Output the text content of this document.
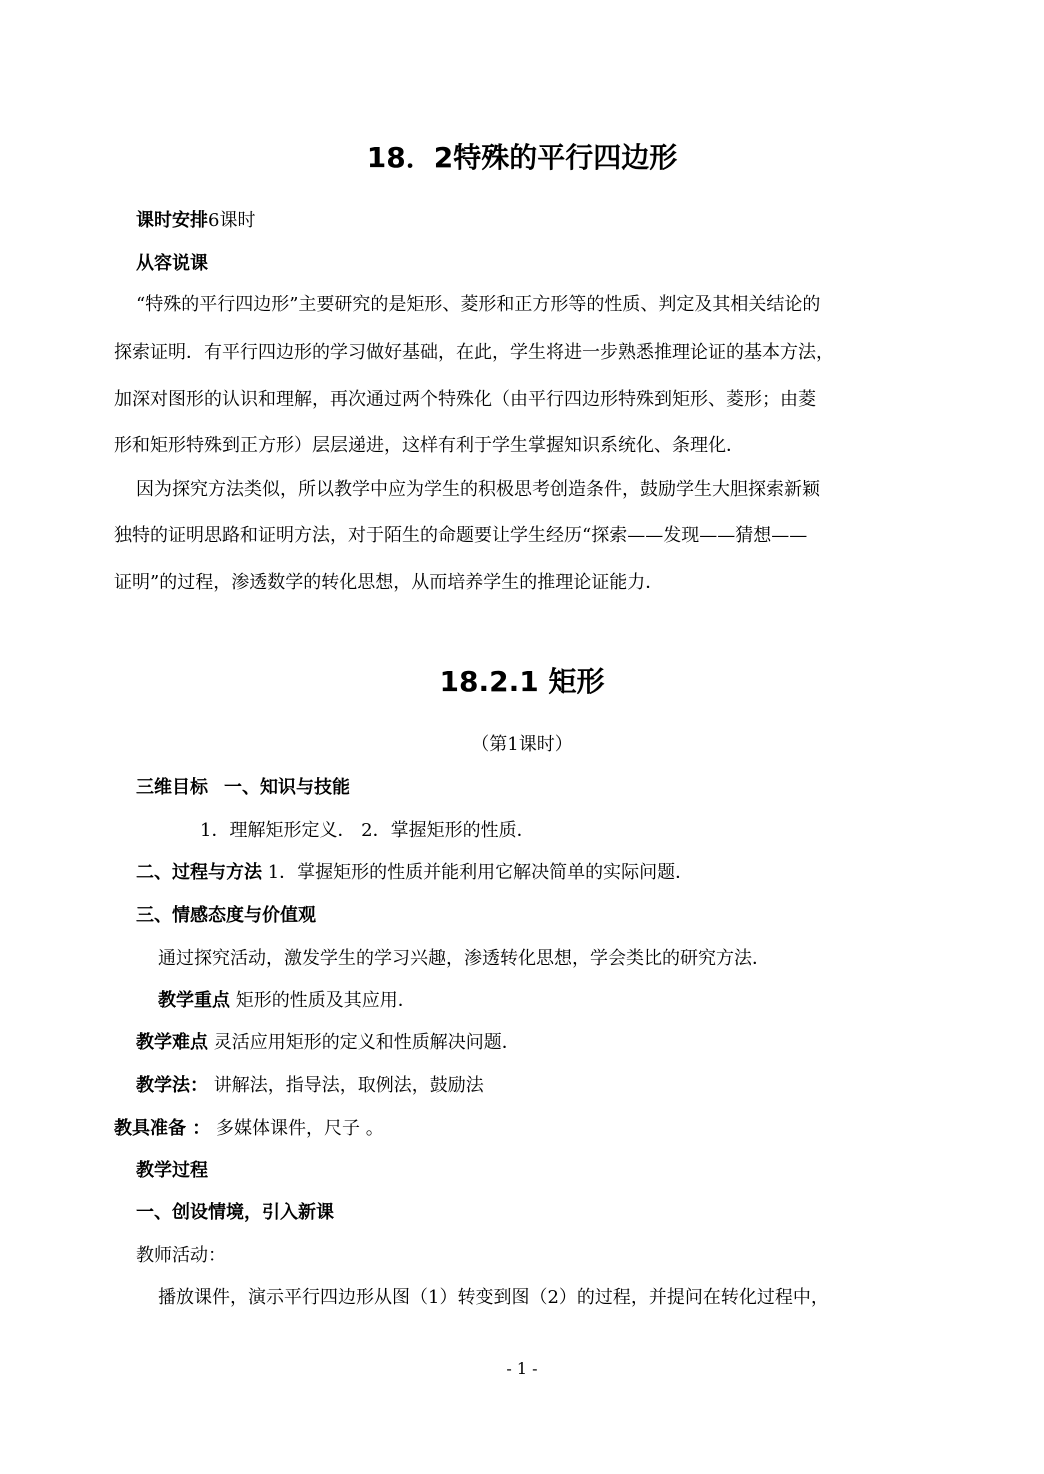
18．2特殊的平行四边形
课时安排6课时
从容说课
“特殊的平行四边形”主要研究的是矩形、菱形和正方形等的性质、判定及其相关结论的
探索证明．有平行四边形的学习做好基础，在此，学生将进一步熟悉推理论证的基本方法，
加深对图形的认识和理解，再次通过两个特殊化（由平行四边形特殊到矩形、菱形；由菱
形和矩形特殊到正方形）层层递进，这样有利于学生掌握知识系统化、条理化．
因为探究方法类似，所以教学中应为学生的积极思考创造条件，鼓励学生大胆探索新颖
独特的证明思路和证明方法，对于陌生的命题要让学生经历“探索——发现——猜想——
证明”的过程，渗透数学的转化思想，从而培养学生的推理论证能力．
18.2.1 矩形
（第1课时）
三维目标 一、知识与技能
1．理解矩形定义． 2．掌握矩形的性质．
二、过程与方法 1．掌握矩形的性质并能利用它解决简单的实际问题．
三、情感态度与价值观
通过探究活动，激发学生的学习兴趣，渗透转化思想，学会类比的研究方法．
教学重点 矩形的性质及其应用．
教学难点 灵活应用矩形的定义和性质解决问题．
教学法： 讲解法，指导法，取例法，鼓励法
教具准备 ： 多媒体课件，尺子 。
教学过程
一、创设情境，引入新课
教师活动：
播放课件，演示平行四边形从图（1）转变到图（2）的过程，并提问在转化过程中，
- 1 -
